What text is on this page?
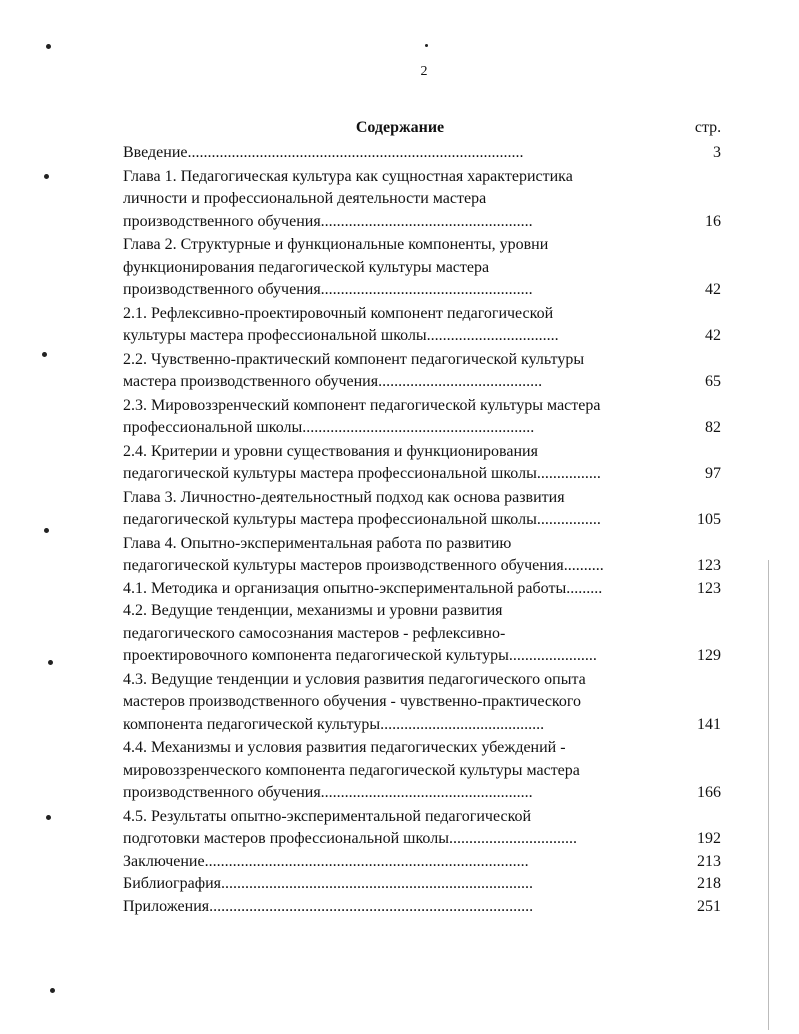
2
Содержание	стр.
Введение....................................................................................	3
Глава 1. Педагогическая культура как сущностная характеристика
личности и профессиональной деятельности мастера
производственного обучения.....................................................	16
Глава 2. Структурные и функциональные компоненты, уровни
функционирования педагогической культуры мастера
производственного обучения.....................................................	42
2.1. Рефлексивно-проектировочный компонент педагогической
культуры мастера профессиональной школы.................................	42
2.2. Чувственно-практический компонент педагогической культуры
мастера производственного обучения.........................................	65
2.3. Мировоззренческий компонент педагогической культуры мастера
профессиональной школы..........................................................	82
2.4. Критерии и уровни существования и функционирования
педагогической культуры мастера профессиональной школы................	97
Глава 3. Личностно-деятельностный подход как основа развития
педагогической культуры мастера профессиональной школы................	105
Глава 4. Опытно-экспериментальная работа по развитию
педагогической культуры мастеров производственного обучения..........	123
4.1. Методика и организация опытно-экспериментальной работы.........	123
4.2. Ведущие тенденции, механизмы и уровни развития
педагогического самосознания мастеров - рефлексивно-
проектировочного компонента педагогической культуры......................	129
4.3. Ведущие тенденции и условия развития педагогического опыта
мастеров производственного обучения - чувственно-практического
компонента педагогической культуры.........................................	141
4.4. Механизмы и условия развития педагогических убеждений -
мировоззренческого компонента педагогической культуры мастера
производственного обучения.....................................................	166
4.5. Результаты опытно-экспериментальной педагогической
подготовки мастеров профессиональной школы................................	192
Заключение.................................................................................	213
Библиография..............................................................................	218
Приложения.................................................................................	251
